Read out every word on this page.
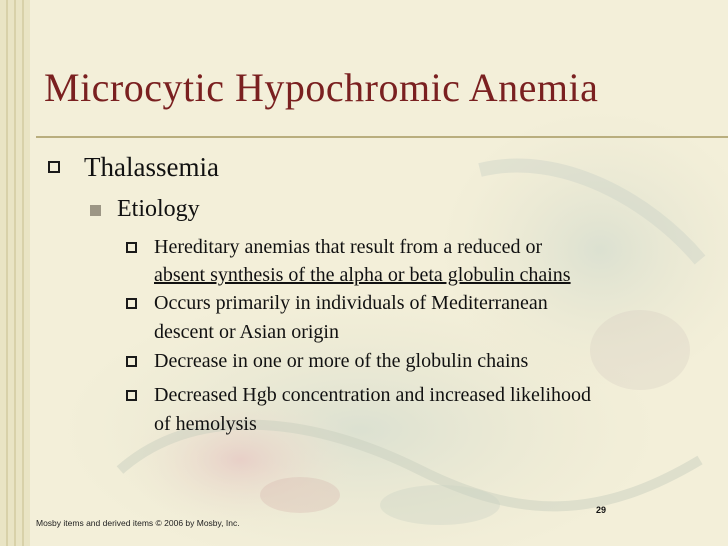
Microcytic Hypochromic Anemia

Thalassemia

Etiology

Hereditary anemias that result from a reduced or

absent synthesis of the alpha or beta globulin chains

Occurs primarily in individuals of Mediterranean

descent or Asian origin

Decrease in one or more of the globulin chains

Decreased Hgb concentration and increased likelihood

of hemolysis

29
Mosby items and derived items © 2006 by Mosby, Inc.
